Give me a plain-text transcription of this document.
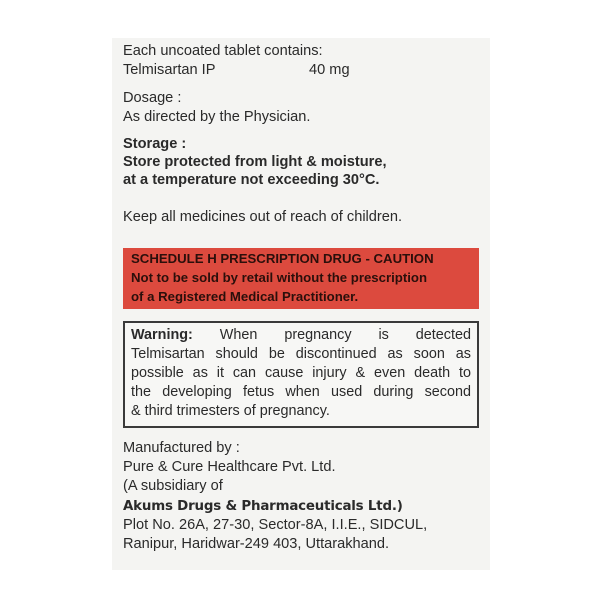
Each uncoated tablet contains:
Telmisartan IP	40 mg
Dosage :
As directed by the Physician.
Storage :
Store protected from light & moisture,
at a temperature not exceeding 30°C.
Keep all medicines out of reach of children.
SCHEDULE H PRESCRIPTION DRUG - CAUTION
Not to be sold by retail without the prescription
of a Registered Medical Practitioner.
Warning: When pregnancy is detected
Telmisartan should be discontinued as soon as
possible as it can cause injury & even death to
the developing fetus when used during second
& third trimesters of pregnancy.
Manufactured by :
Pure & Cure Healthcare Pvt. Ltd.
(A subsidiary of
Akums Drugs & Pharmaceuticals Ltd.)
Plot No. 26A, 27-30, Sector-8A, I.I.E., SIDCUL,
Ranipur, Haridwar-249 403, Uttarakhand.
